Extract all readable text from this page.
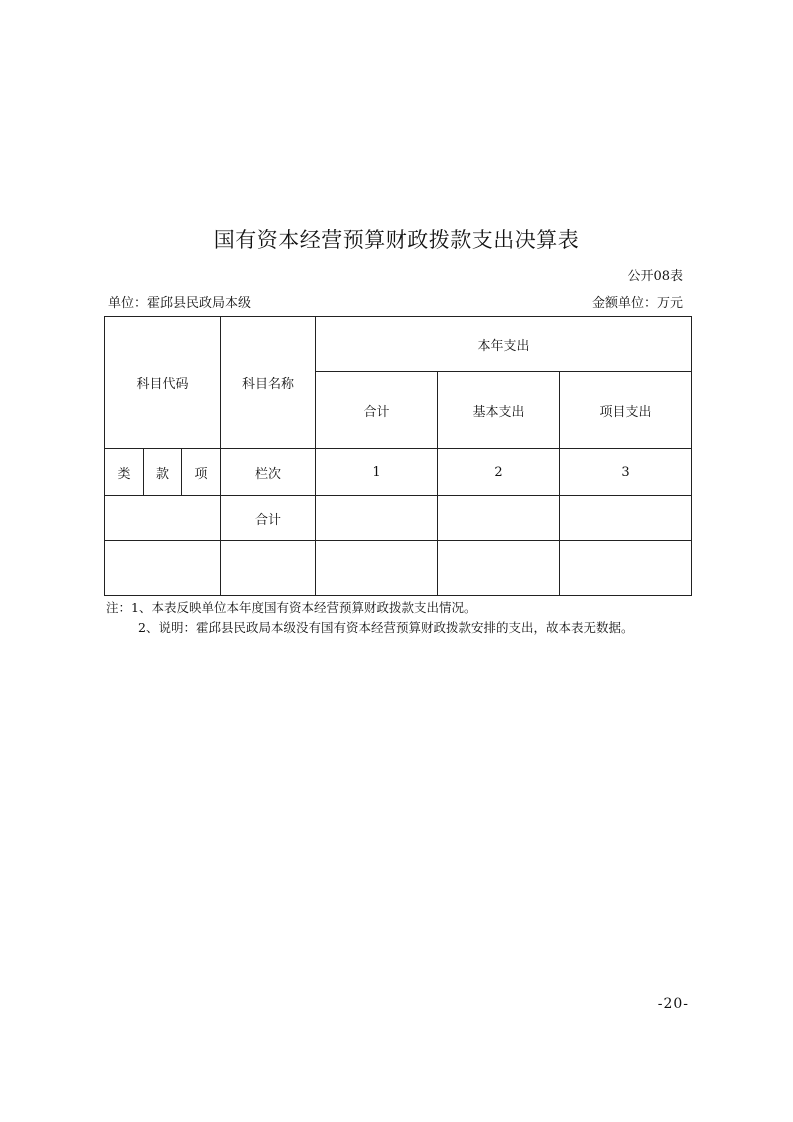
国有资本经营预算财政拨款支出决算表
公开08表
单位：霍邱县民政局本级	金额单位：万元
科目代码			科目名称	本年支出		
				合计	基本支出	项目支出
类	款	项	栏次	1	2	3
			合计			

注：1、本表反映单位本年度国有资本经营预算财政拨款支出情况。
2、说明：霍邱县民政局本级没有国有资本经营预算财政拨款安排的支出，故本表无数据。
-20-
